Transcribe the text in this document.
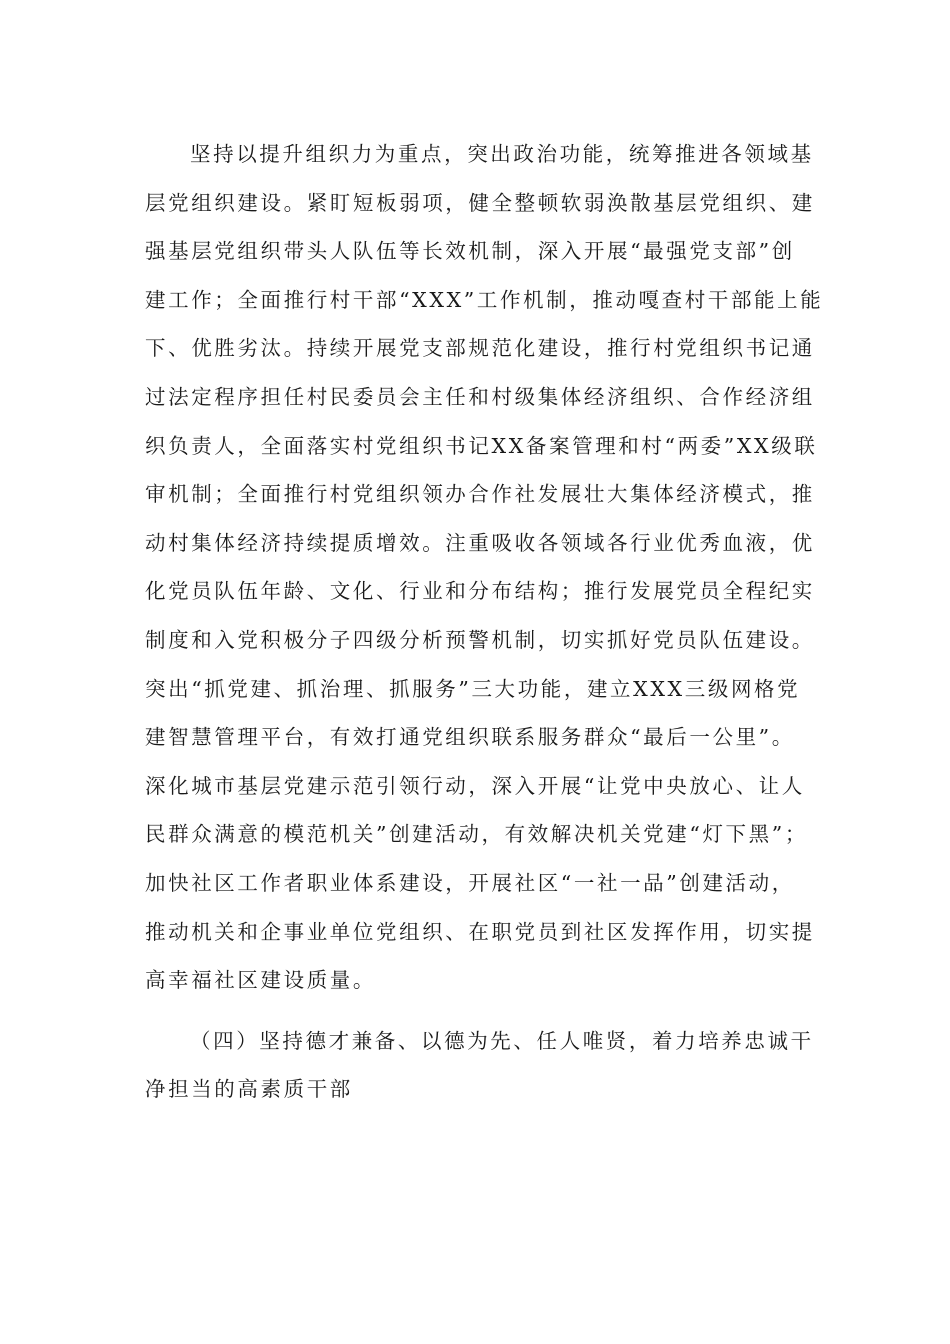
坚持以提升组织力为重点，突出政治功能，统筹推进各领域基
层党组织建设。紧盯短板弱项，健全整顿软弱涣散基层党组织、建
强基层党组织带头人队伍等长效机制，深入开展“最强党支部”创
建工作；全面推行村干部“XXX”工作机制，推动嘎查村干部能上能
下、优胜劣汰。持续开展党支部规范化建设，推行村党组织书记通
过法定程序担任村民委员会主任和村级集体经济组织、合作经济组
织负责人，全面落实村党组织书记XX备案管理和村“两委”XX级联
审机制；全面推行村党组织领办合作社发展壮大集体经济模式，推
动村集体经济持续提质增效。注重吸收各领域各行业优秀血液，优
化党员队伍年龄、文化、行业和分布结构；推行发展党员全程纪实
制度和入党积极分子四级分析预警机制，切实抓好党员队伍建设。
突出“抓党建、抓治理、抓服务”三大功能，建立XXX三级网格党
建智慧管理平台，有效打通党组织联系服务群众“最后一公里”。
深化城市基层党建示范引领行动，深入开展“让党中央放心、让人
民群众满意的模范机关”创建活动，有效解决机关党建“灯下黑”；
加快社区工作者职业体系建设，开展社区“一社一品”创建活动，
推动机关和企事业单位党组织、在职党员到社区发挥作用，切实提
高幸福社区建设质量。
（四）坚持德才兼备、以德为先、任人唯贤，着力培养忠诚干
净担当的高素质干部
